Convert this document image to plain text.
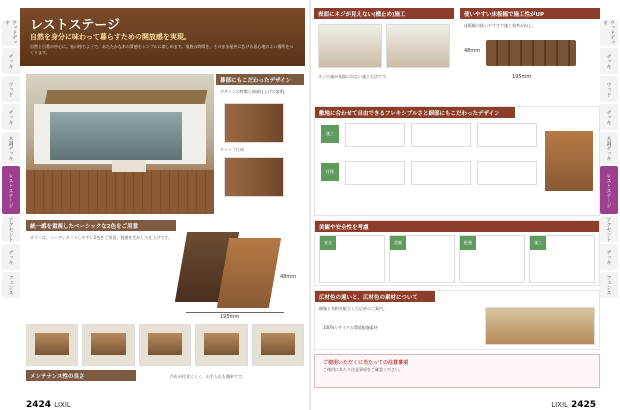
ウッドデッキ
デッキ
ウッド
デッキ
木調デッキ
レストステージ
アクセント
デッキ
フェンス
レストステージ
自然を身分に味わって暮らすための開放感を実現。
自然と日常の中心に。気の持ちようで、あたたかな木の質感をシンプルに楽しめます。家族の時間を、そのまま屋外に広げる居心地のよい場所をつくります。
暮部にもこだわったデザイン
デザインの特徴と端部仕上げの説明。
キャップ仕様
統一感を重視したベーシックな2色をご用意
カラーは、コーディネートしやすい2色をご用意。質感を生かした仕上げです。
195mm
48mm
メンテナンス性の良さ	汚れが付きにくく、お手入れも簡単です。
2424 LIXIL
表面にネジが見えない(構止め)施工
ネジの頭が表面に出ない施工方法です。
使いやすい床板幅で施工性がUP
床板幅の扱いやすさで施工効率が向上。
195mm
48mm
敷地に合わせて自由できるフレキシブルさと細部にもこだわったデザイン
施工
仕様
美観や安全性を考慮
安全	美観	配慮	施工
広材色の違いと、広材色の素材について
樹脂と木粉を配合した広材のご案内。
100%リサイクル環境配慮素材
ご使用いただくに当たっての注意事項
ご使用にあたり注意事項をご確認ください。
LIXIL 2425
ウッドデッキ
デッキ
ウッド
デッキ
木調デッキ
レストステージ
アクセント
デッキ
フェンス
